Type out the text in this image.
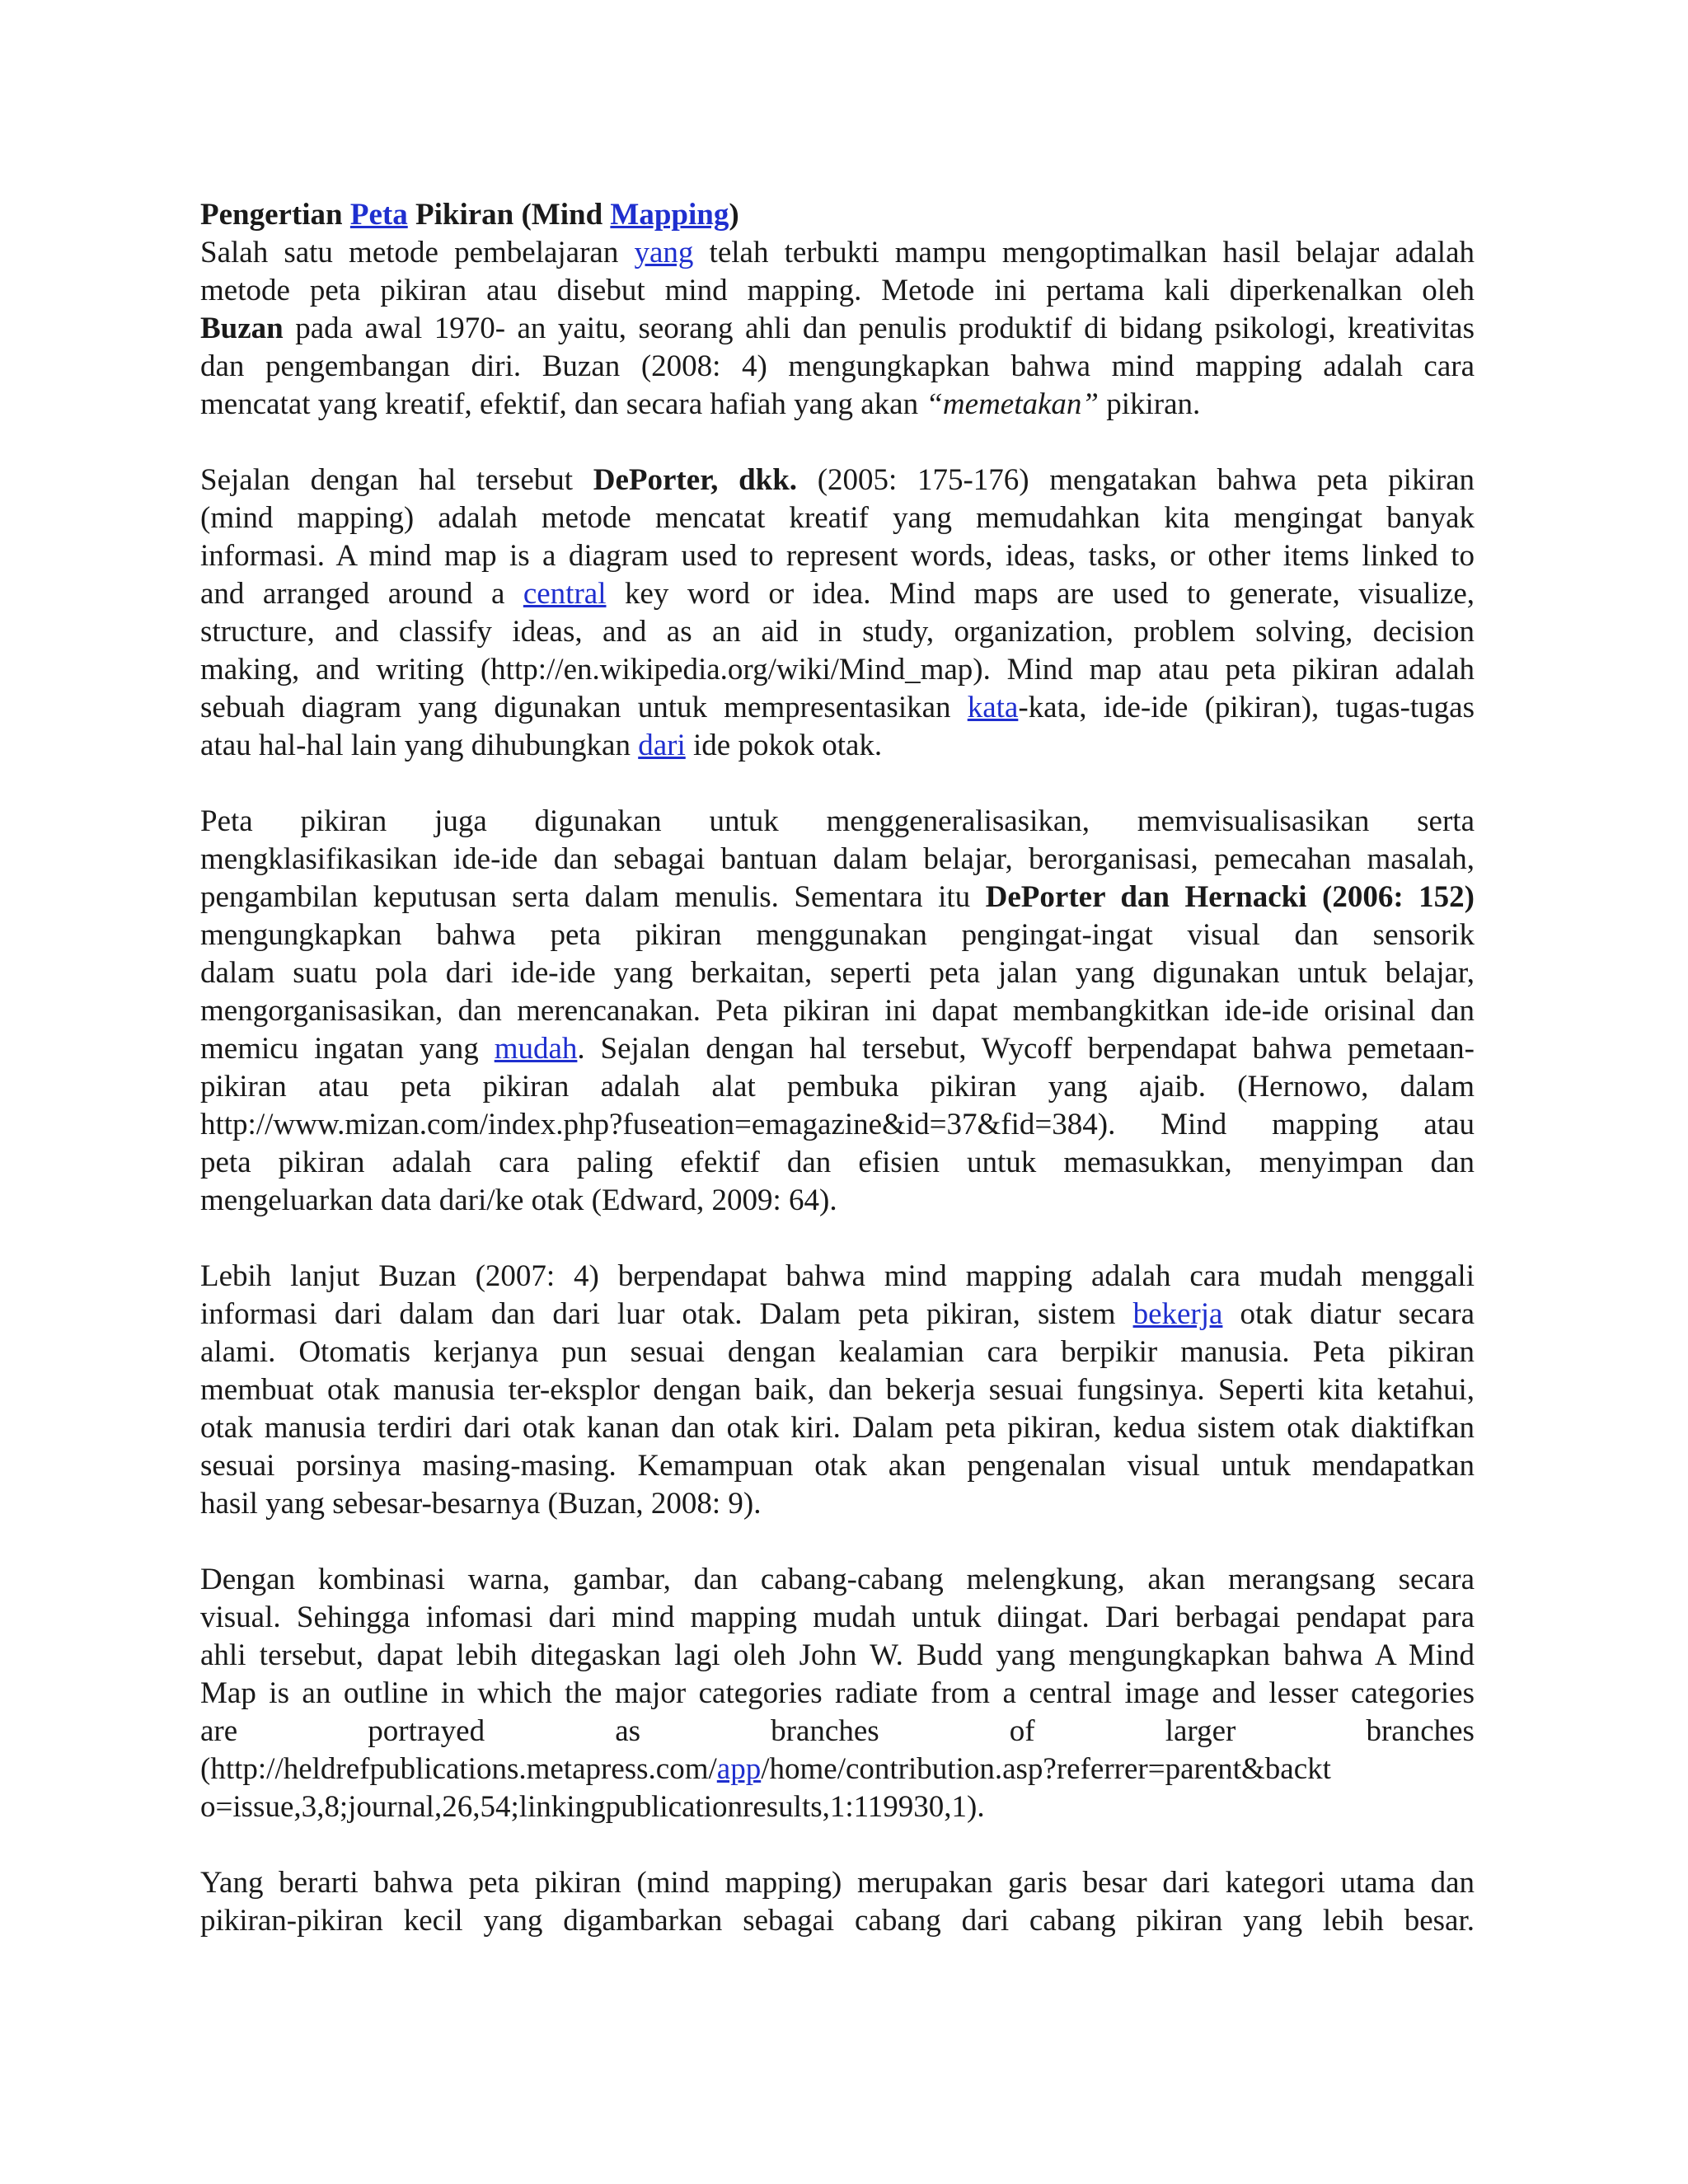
Pengertian Peta Pikiran (Mind Mapping)
Salah satu metode pembelajaran yang telah terbukti mampu mengoptimalkan hasil belajar adalah
metode peta pikiran atau disebut mind mapping. Metode ini pertama kali diperkenalkan oleh
Buzan pada awal 1970- an yaitu, seorang ahli dan penulis produktif di bidang psikologi, kreativitas
dan pengembangan diri. Buzan (2008: 4) mengungkapkan bahwa mind mapping adalah cara
mencatat yang kreatif, efektif, dan secara hafiah yang akan “memetakan” pikiran.
Sejalan dengan hal tersebut DePorter, dkk. (2005: 175-176) mengatakan bahwa peta pikiran
(mind mapping) adalah metode mencatat kreatif yang memudahkan kita mengingat banyak
informasi. A mind map is a diagram used to represent words, ideas, tasks, or other items linked to
and arranged around a central key word or idea. Mind maps are used to generate, visualize,
structure, and classify ideas, and as an aid in study, organization, problem solving, decision
making, and writing (http://en.wikipedia.org/wiki/Mind_map). Mind map atau peta pikiran adalah
sebuah diagram yang digunakan untuk mempresentasikan kata-kata, ide-ide (pikiran), tugas-tugas
atau hal-hal lain yang dihubungkan dari ide pokok otak.
Peta pikiran juga digunakan untuk menggeneralisasikan, memvisualisasikan serta
mengklasifikasikan ide-ide dan sebagai bantuan dalam belajar, berorganisasi, pemecahan masalah,
pengambilan keputusan serta dalam menulis. Sementara itu DePorter dan Hernacki (2006: 152)
mengungkapkan bahwa peta pikiran menggunakan pengingat-ingat visual dan sensorik
dalam suatu pola dari ide-ide yang berkaitan, seperti peta jalan yang digunakan untuk belajar,
mengorganisasikan, dan merencanakan. Peta pikiran ini dapat membangkitkan ide-ide orisinal dan
memicu ingatan yang mudah. Sejalan dengan hal tersebut, Wycoff berpendapat bahwa pemetaan-
pikiran atau peta pikiran adalah alat pembuka pikiran yang ajaib. (Hernowo, dalam
http://www.mizan.com/index.php?fuseation=emagazine&id=37&fid=384). Mind mapping atau
peta pikiran adalah cara paling efektif dan efisien untuk memasukkan, menyimpan dan
mengeluarkan data dari/ke otak (Edward, 2009: 64).
Lebih lanjut Buzan (2007: 4) berpendapat bahwa mind mapping adalah cara mudah menggali
informasi dari dalam dan dari luar otak. Dalam peta pikiran, sistem bekerja otak diatur secara
alami. Otomatis kerjanya pun sesuai dengan kealamian cara berpikir manusia. Peta pikiran
membuat otak manusia ter-eksplor dengan baik, dan bekerja sesuai fungsinya. Seperti kita ketahui,
otak manusia terdiri dari otak kanan dan otak kiri. Dalam peta pikiran, kedua sistem otak diaktifkan
sesuai porsinya masing-masing. Kemampuan otak akan pengenalan visual untuk mendapatkan
hasil yang sebesar-besarnya (Buzan, 2008: 9).
Dengan kombinasi warna, gambar, dan cabang-cabang melengkung, akan merangsang secara
visual. Sehingga infomasi dari mind mapping mudah untuk diingat. Dari berbagai pendapat para
ahli tersebut, dapat lebih ditegaskan lagi oleh John W. Budd yang mengungkapkan bahwa A Mind
Map is an outline in which the major categories radiate from a central image and lesser categories
are	portrayed	as	branches	of	larger	branches
(http://heldrefpublications.metapress.com/app/home/contribution.asp?referrer=parent&backt
o=issue,3,8;journal,26,54;linkingpublicationresults,1:119930,1).
Yang berarti bahwa peta pikiran (mind mapping) merupakan garis besar dari kategori utama dan
pikiran-pikiran kecil yang digambarkan sebagai cabang dari cabang pikiran yang lebih besar.
